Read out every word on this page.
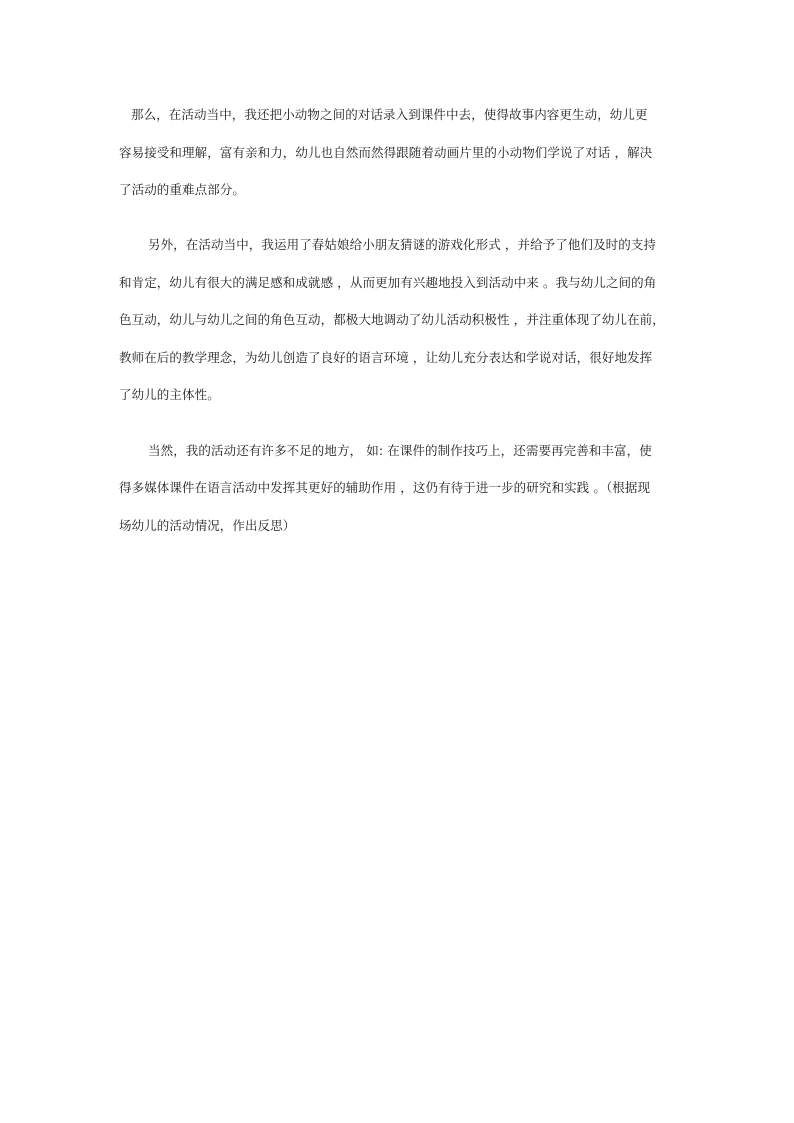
那么，在活动当中，我还把小动物之间的对话录入到课件中去，使得故事内容更生动，幼儿更
容易接受和理解，富有亲和力，幼儿也自然而然得跟随着动画片里的小动物们学说了对话 ，解决
了活动的重难点部分。
另外，在活动当中，我运用了春姑娘给小朋友猜谜的游戏化形式 ，并给予了他们及时的支持
和肯定，幼儿有很大的满足感和成就感 ，从而更加有兴趣地投入到活动中来 。我与幼儿之间的角
色互动，幼儿与幼儿之间的角色互动，都极大地调动了幼儿活动积极性 ，并注重体现了幼儿在前，
教师在后的教学理念，为幼儿创造了良好的语言环境 ，让幼儿充分表达和学说对话，很好地发挥
了幼儿的主体性。
当然，我的活动还有许多不足的地方， 如: 在课件的制作技巧上，还需要再完善和丰富，使
得多媒体课件在语言活动中发挥其更好的辅助作用 ，这仍有待于进一步的研究和实践 。（根据现
场幼儿的活动情况，作出反思）
